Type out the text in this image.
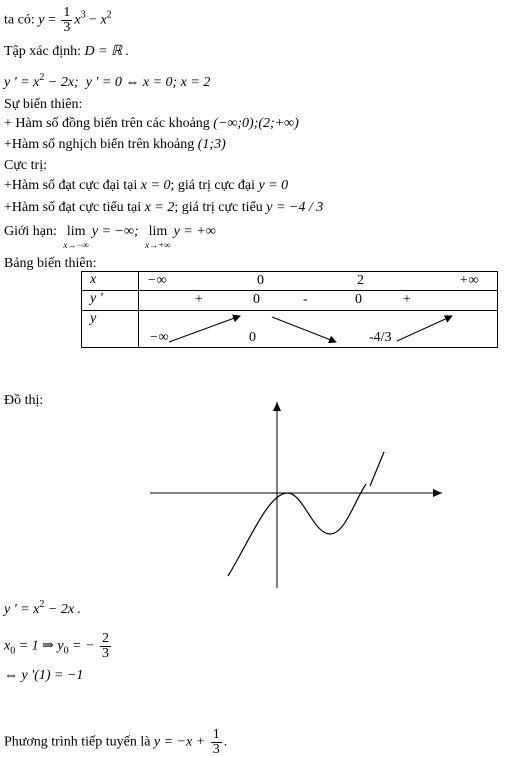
ta có: $y = \frac{1}{3} x^3 - x^2$
Tập xác định: D = ℝ .
y ' = $x^2 - 2x$; y ' = 0 ⇔ x = 0; x = 2
Sự biến thiên:
+ Hàm số đồng biến trên các khoảng (−∞;0);(2;+∞)
+Hàm số nghịch biến trên khoảng (1;3)
Cực trị:
+Hàm số đạt cực đại tại x = 0; giá trị cực đại y = 0
+Hàm số đạt cực tiểu tại x = 2; giá trị cực tiểu y = −4 / 3
Giới hạn: lim
x→−∞
y = −∞; lim
x→+∞
y = +∞
Bảng biến thiên:
x	−∞ 0 2 +∞

y '	+ 0 - 0 +

y	−∞ 0 -4/3
Đồ thị:
y ' = $x^2 - 2x$ .
$x_0 = 1$ ⇒ $y_0$ = − $\frac{2}{3}$
⇔ y '(1) = −1
Phương trình tiếp tuyến là $y = -x + \frac{1}{3}$ .
